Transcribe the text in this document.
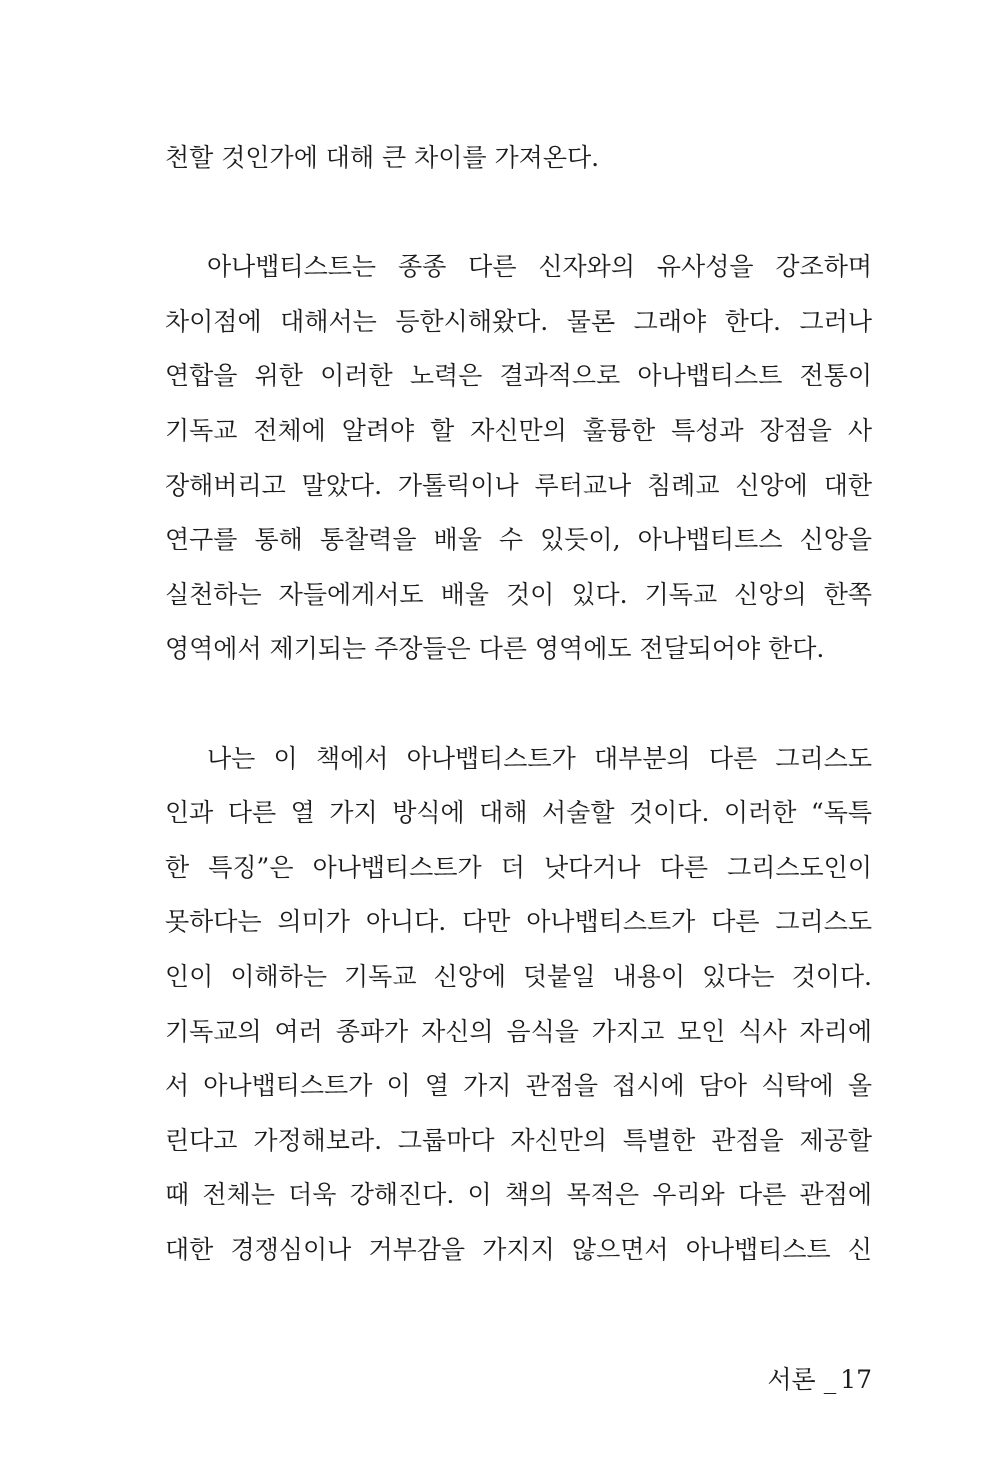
천할 것인가에 대해 큰 차이를 가져온다.
아나뱁티스트는 종종 다른 신자와의 유사성을 강조하며
차이점에 대해서는 등한시해왔다. 물론 그래야 한다. 그러나
연합을 위한 이러한 노력은 결과적으로 아나뱁티스트 전통이
기독교 전체에 알려야 할 자신만의 훌륭한 특성과 장점을 사
장해버리고 말았다. 가톨릭이나 루터교나 침례교 신앙에 대한
연구를 통해 통찰력을 배울 수 있듯이, 아나뱁티트스 신앙을
실천하는 자들에게서도 배울 것이 있다. 기독교 신앙의 한쪽
영역에서 제기되는 주장들은 다른 영역에도 전달되어야 한다.
나는 이 책에서 아나뱁티스트가 대부분의 다른 그리스도
인과 다른 열 가지 방식에 대해 서술할 것이다. 이러한 “독특
한 특징”은 아나뱁티스트가 더 낫다거나 다른 그리스도인이
못하다는 의미가 아니다. 다만 아나뱁티스트가 다른 그리스도
인이 이해하는 기독교 신앙에 덧붙일 내용이 있다는 것이다.
기독교의 여러 종파가 자신의 음식을 가지고 모인 식사 자리에
서 아나뱁티스트가 이 열 가지 관점을 접시에 담아 식탁에 올
린다고 가정해보라. 그룹마다 자신만의 특별한 관점을 제공할
때 전체는 더욱 강해진다. 이 책의 목적은 우리와 다른 관점에
대한 경쟁심이나 거부감을 가지지 않으면서 아나뱁티스트 신
서론 _ 17
